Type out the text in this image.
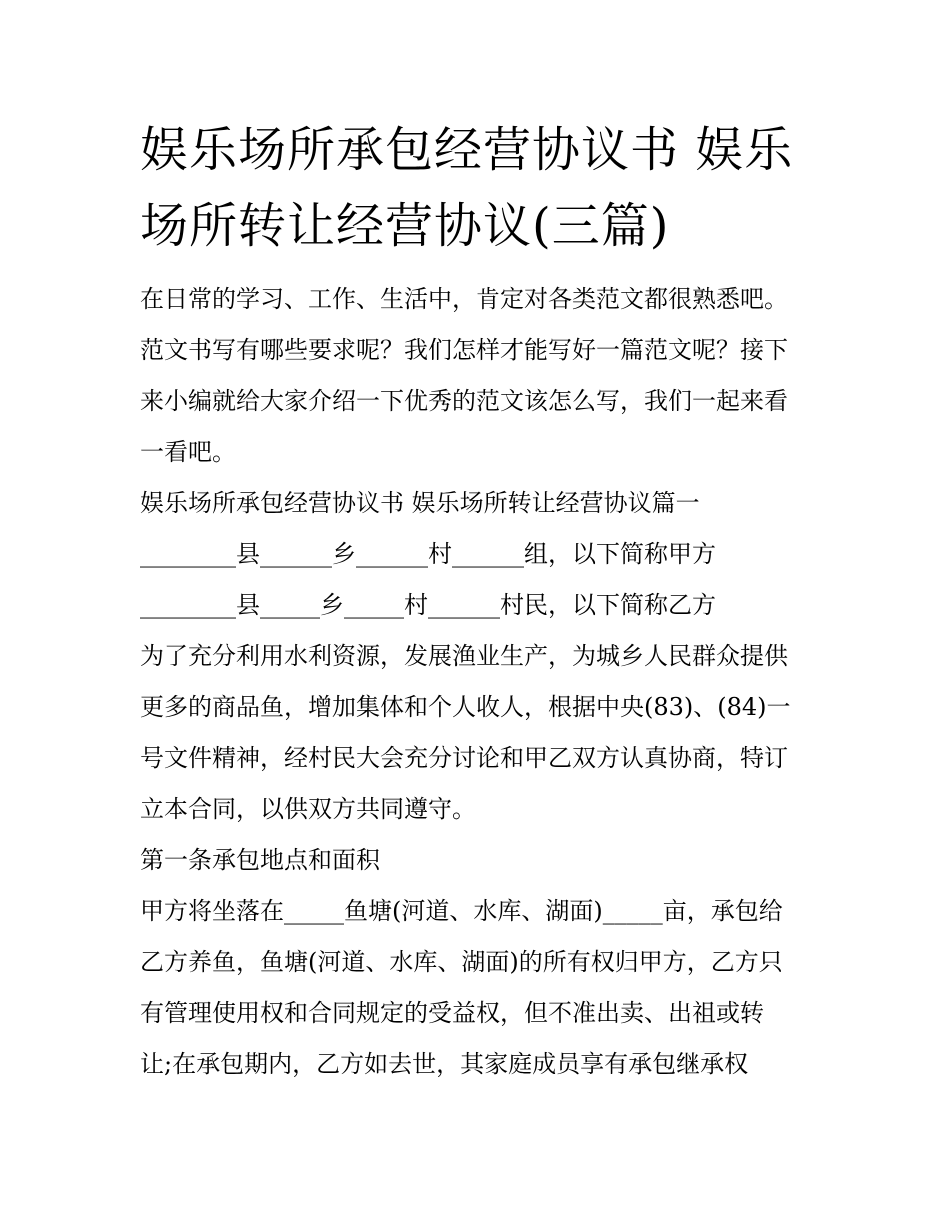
娱乐场所承包经营协议书 娱乐
场所转让经营协议(三篇)

在日常的学习、工作、生活中，肯定对各类范文都很熟悉吧。

范文书写有哪些要求呢？我们怎样才能写好一篇范文呢？接下

来小编就给大家介绍一下优秀的范文该怎么写，我们一起来看

一看吧。

娱乐场所承包经营协议书 娱乐场所转让经营协议篇一

________县______乡______村______组，以下简称甲方

________县_____乡_____村______村民，以下简称乙方

为了充分利用水利资源，发展渔业生产，为城乡人民群众提供

更多的商品鱼，增加集体和个人收人，根据中央(83)、(84)一

号文件精神，经村民大会充分讨论和甲乙双方认真协商，特订

立本合同，以供双方共同遵守。

第一条承包地点和面积

甲方将坐落在_____鱼塘(河道、水库、湖面)_____亩，承包给

乙方养鱼，鱼塘(河道、水库、湖面)的所有权归甲方，乙方只

有管理使用权和合同规定的受益权，但不准出卖、出祖或转

让;在承包期内，乙方如去世，其家庭成员享有承包继承权
